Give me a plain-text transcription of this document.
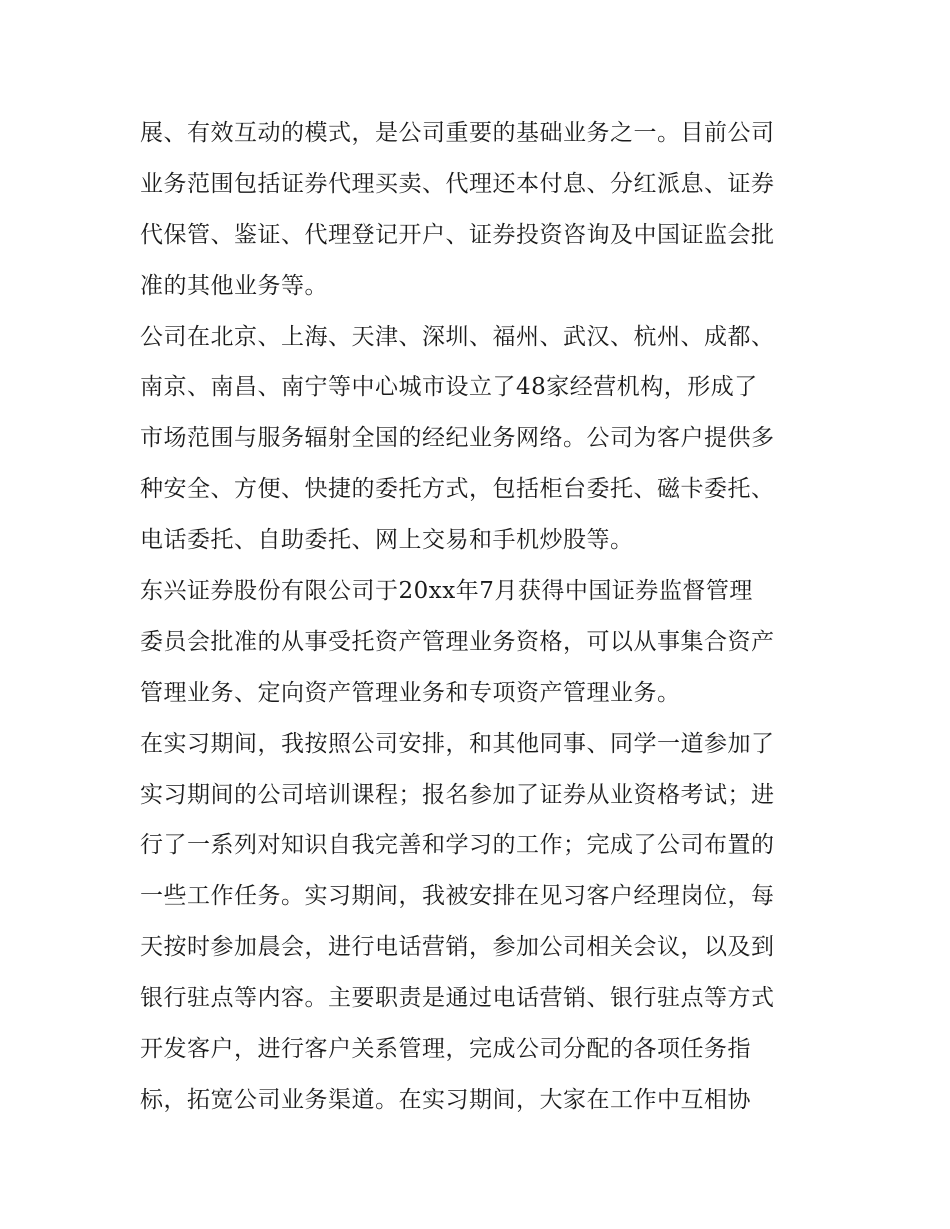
展、有效互动的模式，是公司重要的基础业务之一。目前公司
业务范围包括证券代理买卖、代理还本付息、分红派息、证券
代保管、鉴证、代理登记开户、证券投资咨询及中国证监会批
准的其他业务等。
公司在北京、上海、天津、深圳、福州、武汉、杭州、成都、
南京、南昌、南宁等中心城市设立了48家经营机构，形成了
市场范围与服务辐射全国的经纪业务网络。公司为客户提供多
种安全、方便、快捷的委托方式，包括柜台委托、磁卡委托、
电话委托、自助委托、网上交易和手机炒股等。
东兴证券股份有限公司于20xx年7月获得中国证券监督管理
委员会批准的从事受托资产管理业务资格，可以从事集合资产
管理业务、定向资产管理业务和专项资产管理业务。
在实习期间，我按照公司安排，和其他同事、同学一道参加了
实习期间的公司培训课程；报名参加了证券从业资格考试；进
行了一系列对知识自我完善和学习的工作；完成了公司布置的
一些工作任务。实习期间，我被安排在见习客户经理岗位，每
天按时参加晨会，进行电话营销，参加公司相关会议，以及到
银行驻点等内容。主要职责是通过电话营销、银行驻点等方式
开发客户，进行客户关系管理，完成公司分配的各项任务指
标，拓宽公司业务渠道。在实习期间，大家在工作中互相协
